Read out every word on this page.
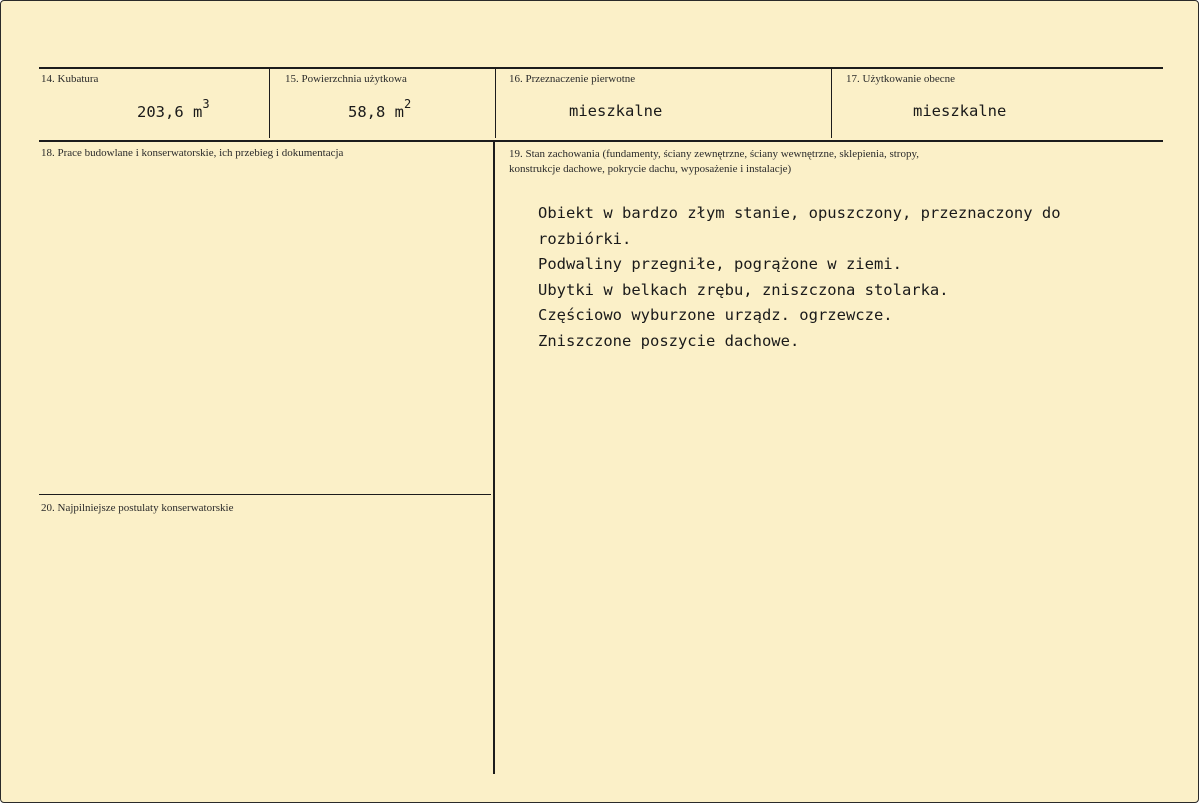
14. Kubatura
203,6 $m^3$
15. Powierzchnia użytkowa
58,8 $m^2$
16. Przeznaczenie pierwotne
mieszkalne
17. Użytkowanie obecne
mieszkalne
18. Prace budowlane i konserwatorskie, ich przebieg i dokumentacja	19. Stan zachowania (fundamenty, ściany zewnętrzne, ściany wewnętrzne, sklepienia, stropy,
konstrukcje dachowe, pokrycie dachu, wyposażenie i instalacje)
Obiekt w bardzo złym stanie, opuszczony, przeznaczony do
rozbiórki.
Podwaliny przegniłe, pogrążone w ziemi.
Ubytki w belkach zrębu, zniszczona stolarka.
Częściowo wyburzone urządz. ogrzewcze.
Zniszczone poszycie dachowe.
20. Najpilniejsze postulaty konserwatorskie
